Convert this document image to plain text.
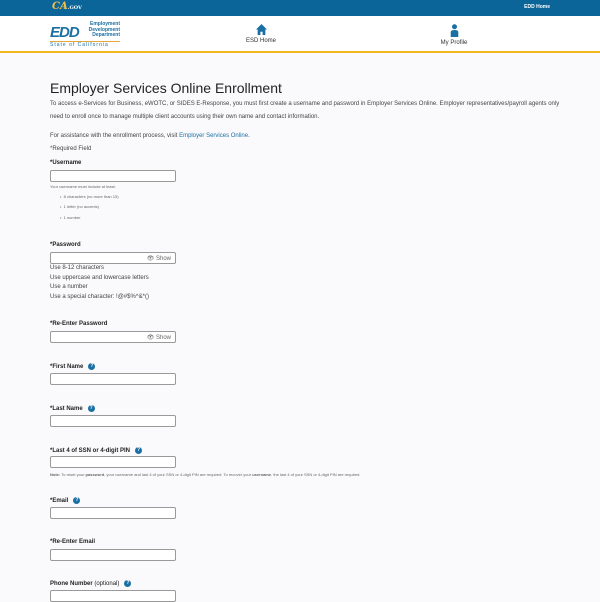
CA.GOV	EDD Home
EDD	Employment
Development
Department
State of California
ESD Home	My Profile
Employer Services Online Enrollment
To access e-Services for Business, eWOTC, or SIDES E-Response, you must first create a username and password in Employer Services Online. Employer representatives/payroll agents only need to enroll once to manage multiple client accounts using their own name and contact information.
For assistance with the enrollment process, visit Employer Services Online.
*Required Field
*Username
Your username must include at least:
•  8 characters (no more than 15)
•  1 letter (no accents)
•  1 number
*Password
👁 Show
Use 8-12 characters
Use uppercase and lowercase letters
Use a number
Use a special character: !@#$%^&*()
*Re-Enter Password
👁 Show
*First Name ?
*Last Name ?
*Last 4 of SSN or 4-digit PIN ?
Note: To reset your password, your username and last 4 of your SSN or 4-digit PIN are required. To recover your username, the last 4 of your SSN or 4-digit PIN are required.
*Email ?
*Re-Enter Email
Phone Number (optional) ?
